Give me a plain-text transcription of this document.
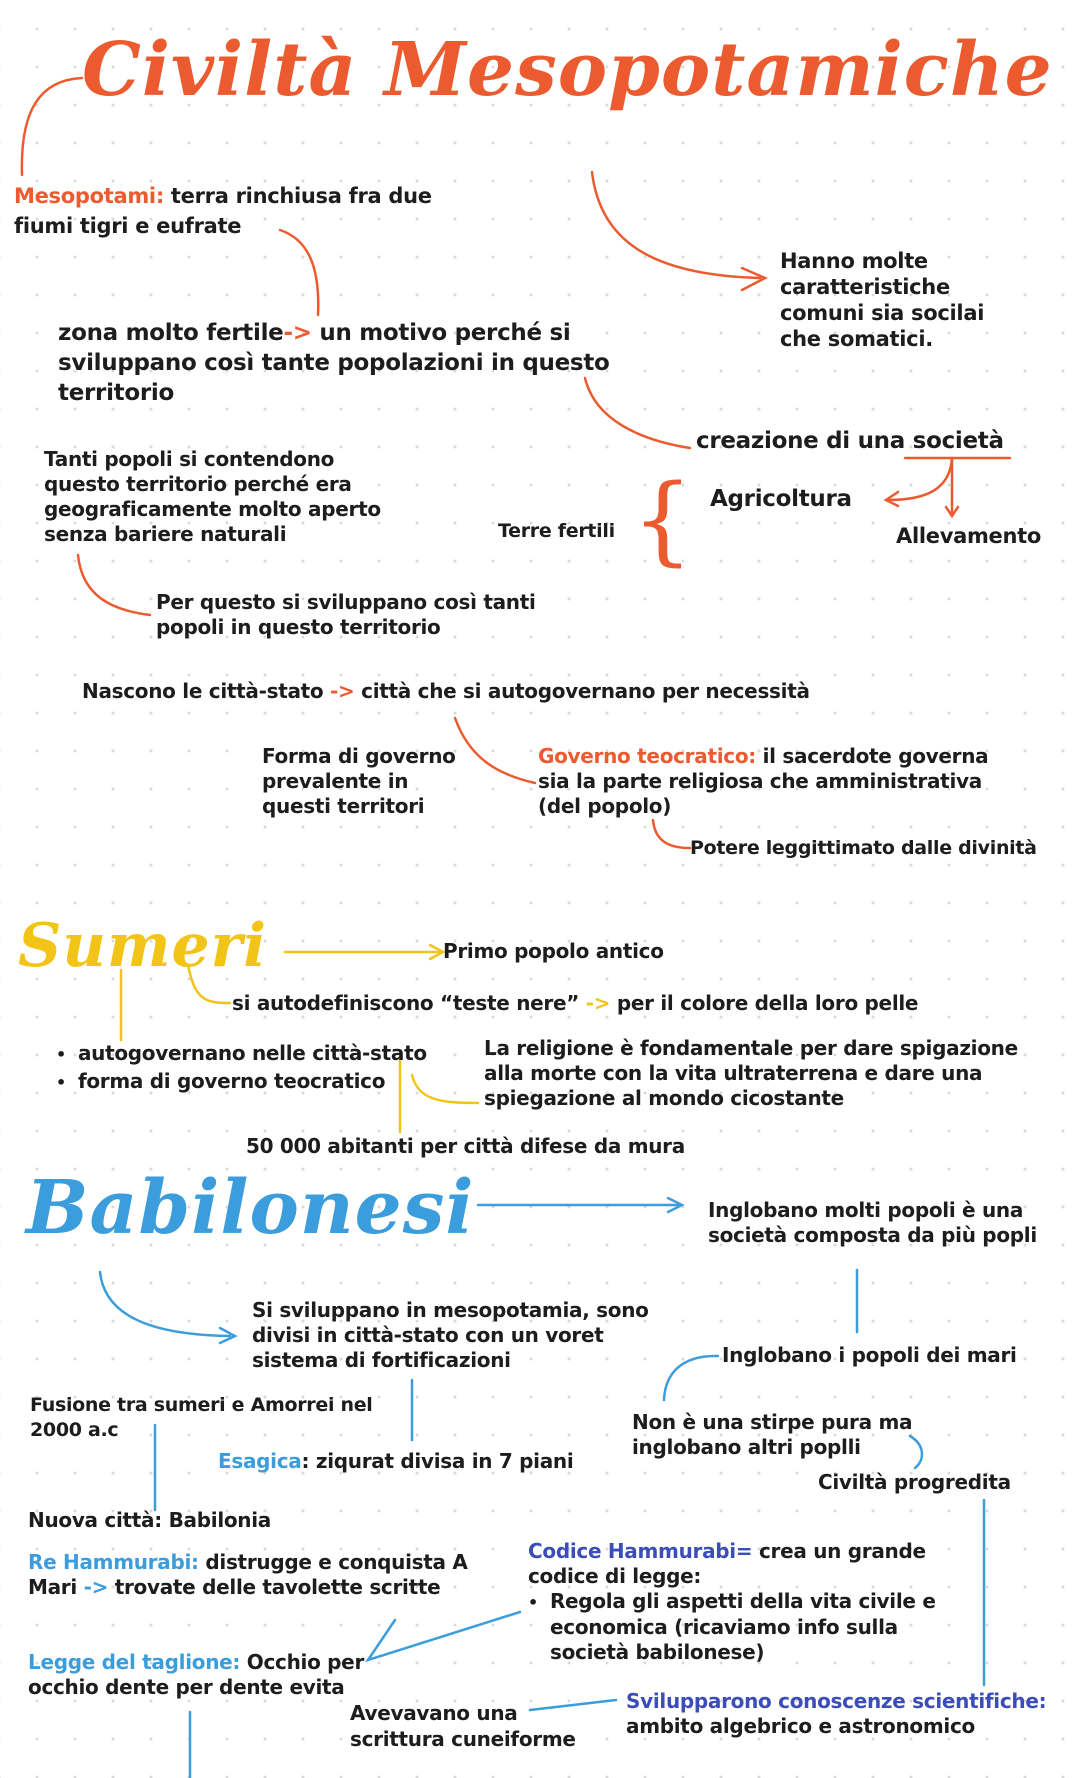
Civiltà Mesopotamiche
Mesopotami: terra rinchiusa fra due
fiumi tigri e eufrate
Hanno molte
caratteristiche
comuni sia socilai
che somatici.
zona molto fertile-> un motivo perché si
sviluppano così tante popolazioni in questo
territorio
creazione di una società
Agricoltura
Allevamento
Terre fertili {
Tanti popoli si contendono
questo territorio perché era
geograficamente molto aperto
senza bariere naturali
Per questo si sviluppano così tanti
popoli in questo territorio
Nascono le città-stato -> città che si autogovernano per necessità
Forma di governo
prevalente in
questi territori
Governo teocratico: il sacerdote governa
sia la parte religiosa che amministrativa
(del popolo)
Potere leggittimato dalle divinità
Sumeri	Primo popolo antico
si autodefiniscono “teste nere” -> per il colore della loro pelle
• autogovernano nelle città-stato
• forma di governo teocratico
La religione è fondamentale per dare spigazione
alla morte con la vita ultraterrena e dare una
spiegazione al mondo cicostante
50 000 abitanti per città difese da mura
Babilonesi	Inglobano molti popoli è una
società composta da più popli
Si sviluppano in mesopotamia, sono
divisi in città-stato con un voret
sistema di fortificazioni	Inglobano i popoli dei mari
Fusione tra sumeri e Amorrei nel
2000 a.c	Non è una stirpe pura ma
inglobano altri poplli
Esagica: ziqurat divisa in 7 piani
Civiltà progredita
Nuova città: Babilonia
Re Hammurabi: distrugge e conquista A
Mari -> trovate delle tavolette scritte
Codice Hammurabi= crea un grande
codice di legge:
• Regola gli aspetti della vita civile e
economica (ricaviamo info sulla
società babilonese)
Legge del taglione: Occhio per
occhio dente per dente evita
Avevavano una
scrittura cuneiforme
Svilupparono conoscenze scientifiche:
ambito algebrico e astronomico
